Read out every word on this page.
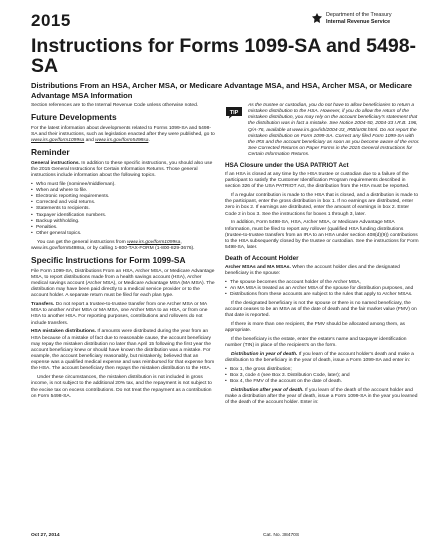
2015	Department of the Treasury
Internal Revenue Service
Instructions for Forms 1099-SA and 5498-SA
Distributions From an HSA, Archer MSA, or Medicare Advantage MSA, and HSA, Archer MSA, or Medicare Advantage MSA Information

Section references are to the Internal Revenue Code unless otherwise noted.

Future Developments

For the latest information about developments related to Forms 1099-SA and 5498-SA and their instructions, such as legislation enacted after they were published, go to www.irs.gov/form1099sa and www.irs.gov/form5498sa.

Reminder

General instructions. In addition to these specific instructions, you should also use the 2015 General Instructions for Certain Information Returns. Those general instructions include information about the following topics.

• Who must file (nominee/middleman).
• When and where to file.
• Electronic reporting requirements.
• Corrected and void returns.
• Statements to recipients.
• Taxpayer identification numbers.
• Backup withholding.
• Penalties.
• Other general topics.

You can get the general instructions from www.irs.gov/form1099sa, www.irs.gov/form5498sa, or by calling 1-800-TAX-FORM (1-800-829-3676).

Specific Instructions for Form 1099-SA

File Form 1099-SA, Distributions From an HSA, Archer MSA, or Medicare Advantage MSA, to report distributions made from a health savings account (HSA), Archer medical savings account (Archer MSA), or Medicare Advantage MSA (MA MSA). The distribution may have been paid directly to a medical service provider or to the account holder. A separate return must be filed for each plan type.

Transfers. Do not report a trustee-to-trustee transfer from one Archer MSA or MA MSA to another Archer MSA or MA MSA, one Archer MSA to an HSA, or from one HSA to another HSA. For reporting purposes, contributions and rollovers do not include transfers.

HSA mistaken distributions. If amounts were distributed during the year from an HSA because of a mistake of fact due to reasonable cause, the account beneficiary may repay the mistaken distribution no later than April 15 following the first year the account beneficiary knew or should have known the distribution was a mistake. For example, the account beneficiary reasonably, but mistakenly, believed that an expense was a qualified medical expense and was reimbursed for that expense from the HSA. The account beneficiary then repays the mistaken distribution to the HSA.

Under these circumstances, the mistaken distribution is not included in gross income, is not subject to the additional 20% tax, and the repayment is not subject to the excise tax on excess contributions. Do not treat the repayment as a contribution on Form 5498-SA.

TIP
As the trustee or custodian, you do not have to allow beneficiaries to return a mistaken distribution to the HSA. However, if you do allow the return of the mistaken distribution, you may rely on the account beneficiary's statement that the distribution was in fact a mistake. See Notice 2004-50, 2004-33 I.R.B. 196, Q/A-76, available at www.irs.gov/irb/2004-33_IRB/ar08.html. Do not report the mistaken distribution on Form 1099-SA. Correct any filed Form 1099-SA with the IRS and the account beneficiary as soon as you become aware of the error. See Corrected Returns on Paper Forms in the 2015 General Instructions for Certain Information Returns.
HSA Closure under the USA PATRIOT Act

If an HSA is closed at any time by the HSA trustee or custodian due to a failure of the participant to satisfy the Customer Identification Program requirements described in section 326 of the USA PATRIOT Act, the distribution from the HSA must be reported.

If a regular contribution is made to the HSA that is closed, and a distribution is made to the participant, enter the gross distribution in box 1. If no earnings are distributed, enter zero in box 2. If earnings are distributed, enter the amount of earnings in box 2. Enter Code 2 in box 3. See the instructions for boxes 1 through 3, later.

In addition, Form 5498-SA, HSA, Archer MSA, or Medicare Advantage MSA Information, must be filed to report any rollover (qualified HSA funding distributions (trustee-to-trustee transfers from an IRA to an HSA under section 408(d)(9)) contributions to the HSA subsequently closed by the trustee or custodian. See the instructions for Form 5498-SA, later.

Death of Account Holder

Archer MSAs and MA MSAs. When the account holder dies and the designated beneficiary is the spouse:

• The spouse becomes the account holder of the Archer MSA,
• An MA MSA is treated as an Archer MSA of the spouse for distribution purposes, and
• Distributions from these accounts are subject to the rules that apply to Archer MSAs.

If the designated beneficiary is not the spouse or there is no named beneficiary, the account ceases to be an MSA as of the date of death and the fair market value (FMV) on that date is reported.

If there is more than one recipient, the FMV should be allocated among them, as appropriate.

If the beneficiary is the estate, enter the estate's name and taxpayer identification number (TIN) in place of the recipient's on the form.

Distribution in year of death. If you learn of the account holder's death and make a distribution to the beneficiary in the year of death, issue a Form 1099-SA and enter in:

• Box 1, the gross distribution;
• Box 3, code 4 (see Box 3. Distribution Code, later); and
• Box 4, the FMV of the account on the date of death.

Distribution after year of death. If you learn of the death of the account holder and make a distribution after the year of death, issue a Form 1099-SA in the year you learned of the death of the account holder. Enter in:

Oct 27, 2014	Cat. No. 38470S
